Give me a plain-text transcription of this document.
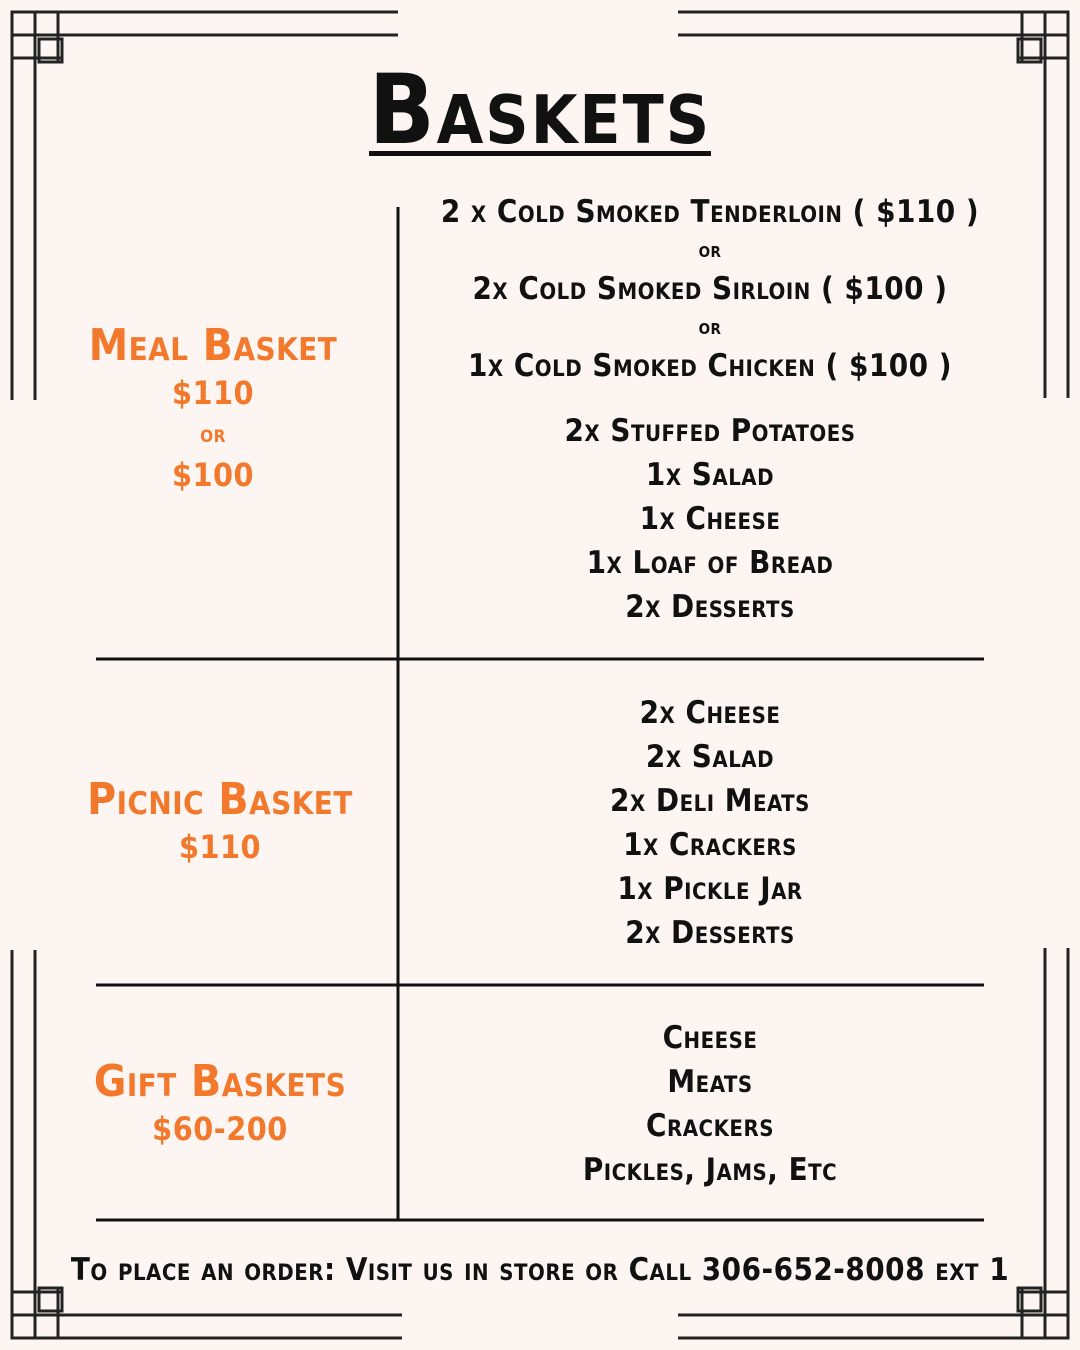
Baskets
Meal Basket
$110
or
$100
2 x Cold Smoked Tenderloin ( $110 )
or
2x Cold Smoked Sirloin ( $100 )
or
1x Cold Smoked Chicken ( $100 )
2x Stuffed Potatoes
1x Salad
1x Cheese
1x Loaf of Bread
2x Desserts
Picnic Basket
$110
2x Cheese
2x Salad
2x Deli Meats
1x Crackers
1x Pickle Jar
2x Desserts
Gift Baskets
$60-200
Cheese
Meats
Crackers
Pickles, Jams, Etc
To place an order: Visit us in store or Call 306-652-8008 ext 1
